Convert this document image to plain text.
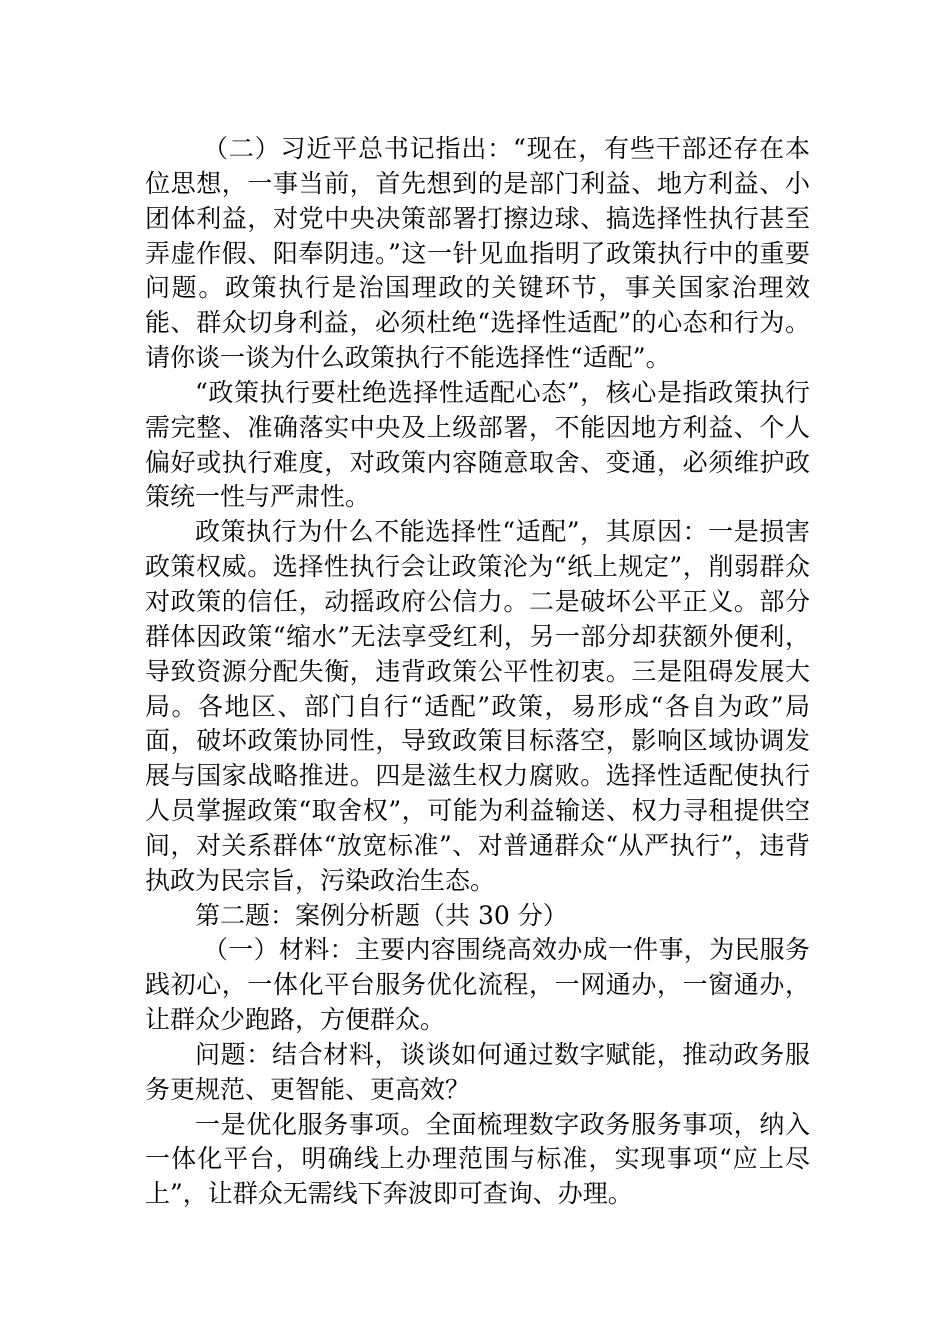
（二）习近平总书记指出：“现在，有些干部还存在本位思想，一事当前，首先想到的是部门利益、地方利益、小团体利益，对党中央决策部署打擦边球、搞选择性执行甚至弄虚作假、阳奉阴违。”这一针见血指明了政策执行中的重要问题。政策执行是治国理政的关键环节，事关国家治理效能、群众切身利益，必须杜绝“选择性适配”的心态和行为。请你谈一谈为什么政策执行不能选择性“适配”。

“政策执行要杜绝选择性适配心态”，核心是指政策执行需完整、准确落实中央及上级部署，不能因地方利益、个人偏好或执行难度，对政策内容随意取舍、变通，必须维护政策统一性与严肃性。

政策执行为什么不能选择性“适配”，其原因：一是损害政策权威。选择性执行会让政策沦为“纸上规定”，削弱群众对政策的信任，动摇政府公信力。二是破坏公平正义。部分群体因政策“缩水”无法享受红利，另一部分却获额外便利，导致资源分配失衡，违背政策公平性初衷。三是阻碍发展大局。各地区、部门自行“适配”政策，易形成“各自为政”局面，破坏政策协同性，导致政策目标落空，影响区域协调发展与国家战略推进。四是滋生权力腐败。选择性适配使执行人员掌握政策“取舍权”，可能为利益输送、权力寻租提供空间，对关系群体“放宽标准”、对普通群众“从严执行”，违背执政为民宗旨，污染政治生态。

第二题：案例分析题（共 30 分）

（一）材料：主要内容围绕高效办成一件事，为民服务践初心，一体化平台服务优化流程，一网通办，一窗通办，让群众少跑路，方便群众。

问题：结合材料，谈谈如何通过数字赋能，推动政务服务更规范、更智能、更高效？

一是优化服务事项。全面梳理数字政务服务事项，纳入一体化平台，明确线上办理范围与标准，实现事项“应上尽上”，让群众无需线下奔波即可查询、办理。
